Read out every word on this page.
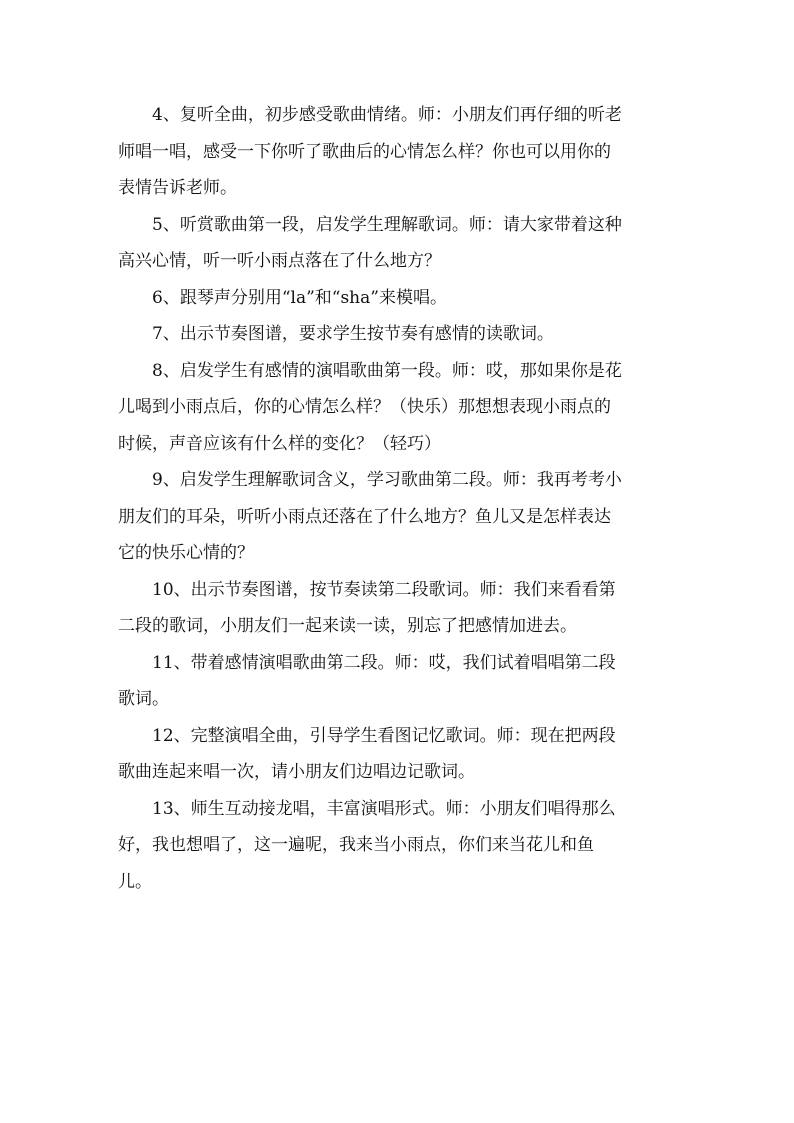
4、复听全曲，初步感受歌曲情绪。师：小朋友们再仔细的听老
师唱一唱，感受一下你听了歌曲后的心情怎么样？你也可以用你的
表情告诉老师。

5、听赏歌曲第一段，启发学生理解歌词。师：请大家带着这种
高兴心情，听一听小雨点落在了什么地方？

6、跟琴声分别用“la”和“sha”来模唱。

7、出示节奏图谱，要求学生按节奏有感情的读歌词。

8、启发学生有感情的演唱歌曲第一段。师：哎，那如果你是花
儿喝到小雨点后，你的心情怎么样？（快乐）那想想表现小雨点的
时候，声音应该有什么样的变化？（轻巧）

9、启发学生理解歌词含义，学习歌曲第二段。师：我再考考小
朋友们的耳朵，听听小雨点还落在了什么地方？鱼儿又是怎样表达
它的快乐心情的？

10、出示节奏图谱，按节奏读第二段歌词。师：我们来看看第
二段的歌词，小朋友们一起来读一读，别忘了把感情加进去。

11、带着感情演唱歌曲第二段。师：哎，我们试着唱唱第二段
歌词。

12、完整演唱全曲，引导学生看图记忆歌词。师：现在把两段
歌曲连起来唱一次，请小朋友们边唱边记歌词。

13、师生互动接龙唱，丰富演唱形式。师：小朋友们唱得那么
好，我也想唱了，这一遍呢，我来当小雨点，你们来当花儿和鱼
儿。
